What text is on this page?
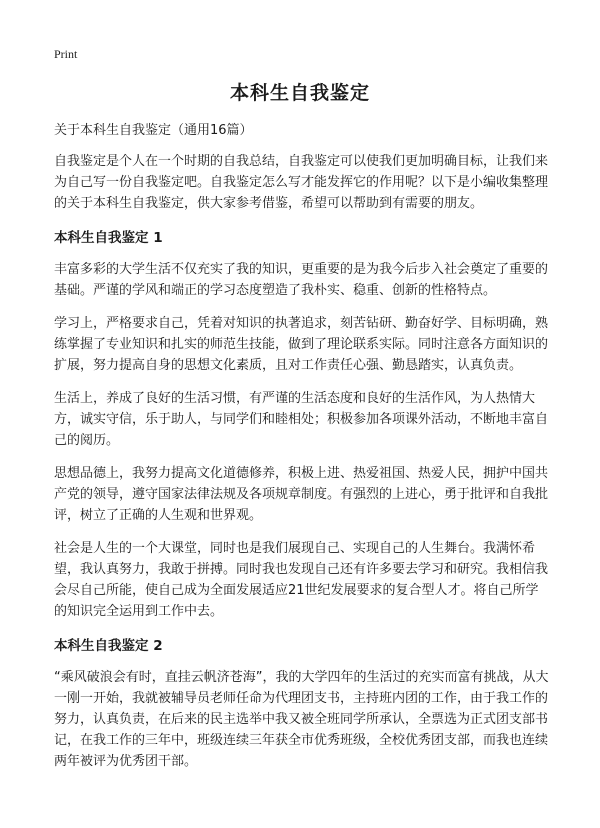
Print
本科生自我鉴定

关于本科生自我鉴定（通用16篇）

自我鉴定是个人在一个时期的自我总结，自我鉴定可以使我们更加明确目标，让我们来为自己写一份自我鉴定吧。自我鉴定怎么写才能发挥它的作用呢？以下是小编收集整理的关于本科生自我鉴定，供大家参考借鉴，希望可以帮助到有需要的朋友。

本科生自我鉴定 1

丰富多彩的大学生活不仅充实了我的知识，更重要的是为我今后步入社会奠定了重要的基础。严谨的学风和端正的学习态度塑造了我朴实、稳重、创新的性格特点。

学习上，严格要求自己，凭着对知识的执著追求，刻苦钻研、勤奋好学、目标明确，熟练掌握了专业知识和扎实的师范生技能，做到了理论联系实际。同时注意各方面知识的扩展，努力提高自身的思想文化素质，且对工作责任心强、勤恳踏实，认真负责。

生活上，养成了良好的生活习惯，有严谨的生活态度和良好的生活作风，为人热情大方，诚实守信，乐于助人，与同学们和睦相处；积极参加各项课外活动，不断地丰富自己的阅历。

思想品德上，我努力提高文化道德修养，积极上进、热爱祖国、热爱人民，拥护中国共产党的领导，遵守国家法律法规及各项规章制度。有强烈的上进心，勇于批评和自我批评，树立了正确的人生观和世界观。

社会是人生的一个大课堂，同时也是我们展现自己、实现自己的人生舞台。我满怀希望，我认真努力，我敢于拼搏。同时我也发现自己还有许多要去学习和研究。我相信我会尽自己所能，使自己成为全面发展适应21世纪发展要求的复合型人才。将自己所学的知识完全运用到工作中去。

本科生自我鉴定 2

“乘风破浪会有时，直挂云帆济苍海”，我的大学四年的生活过的充实而富有挑战，从大一刚一开始，我就被辅导员老师任命为代理团支书，主持班内团的工作，由于我工作的努力，认真负责，在后来的民主选举中我又被全班同学所承认，全票选为正式团支部书记，在我工作的三年中，班级连续三年获全市优秀班级，全校优秀团支部，而我也连续两年被评为优秀团干部。
